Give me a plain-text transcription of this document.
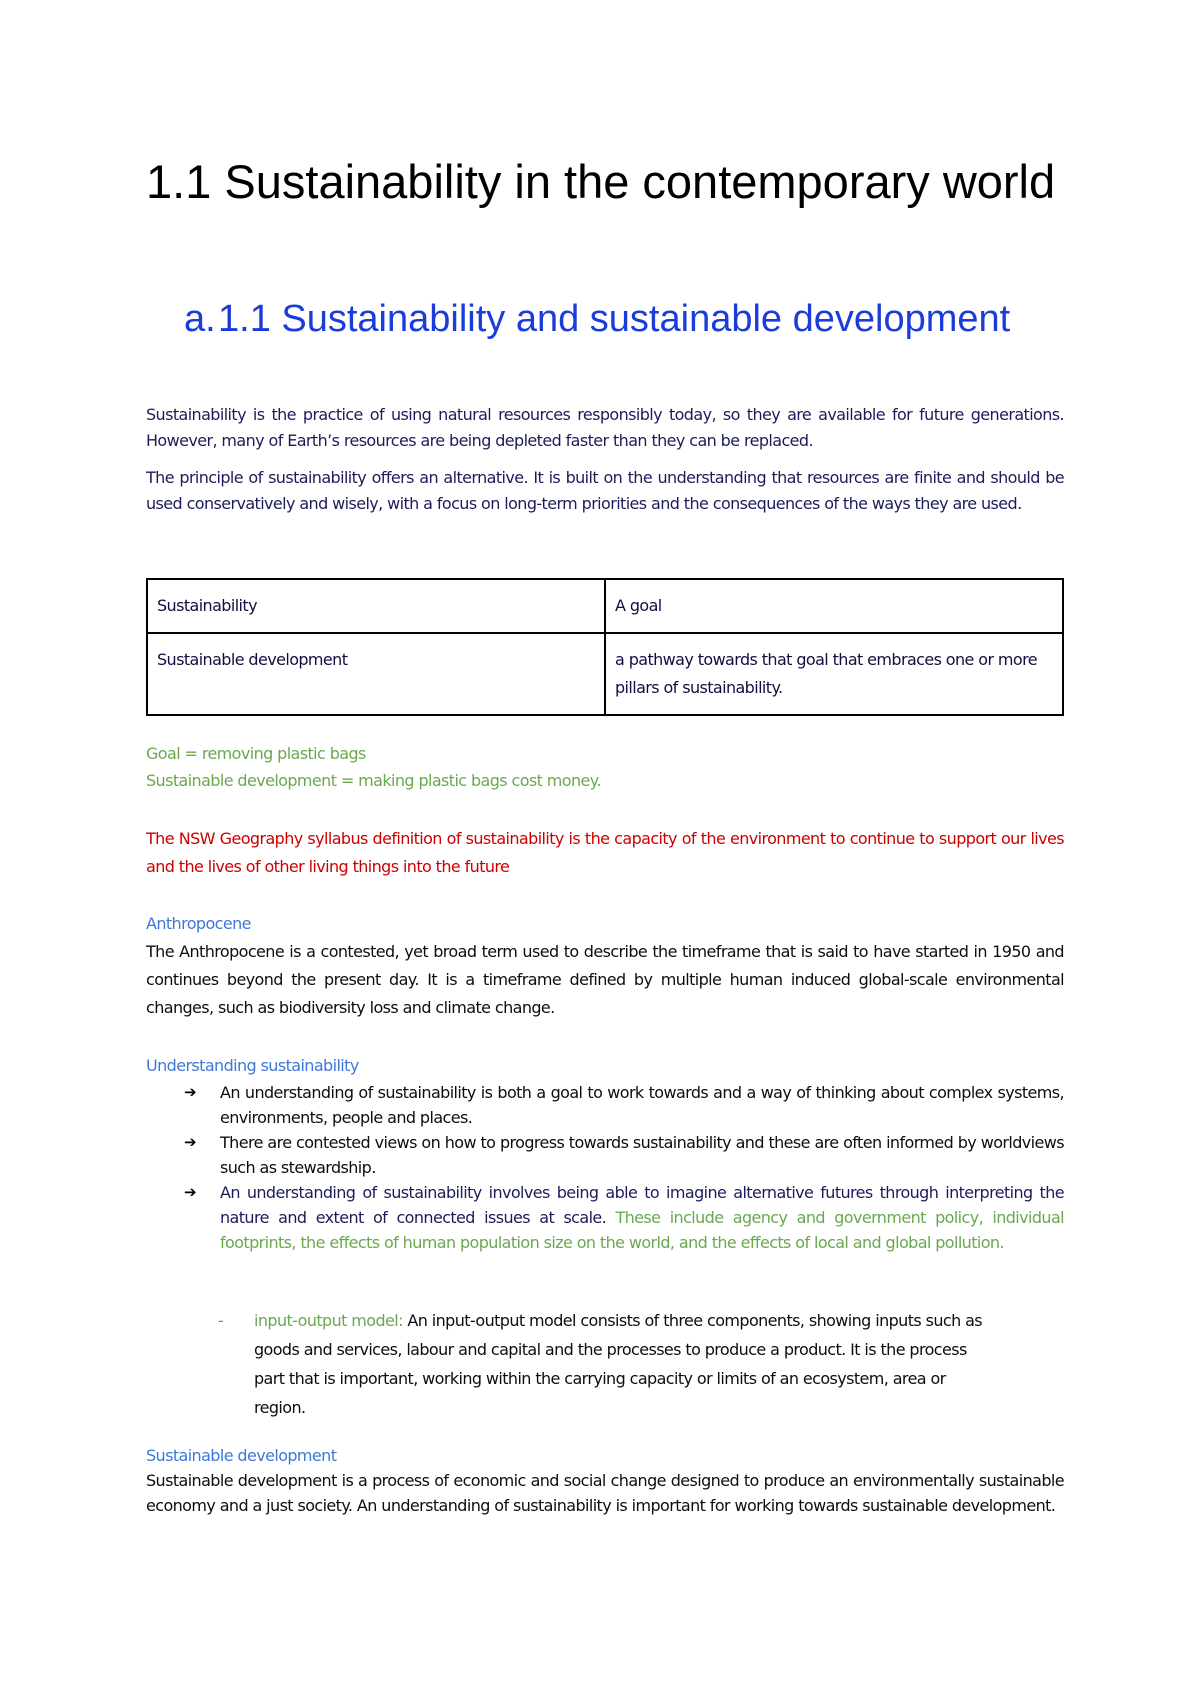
1.1 Sustainability in the contemporary world
a. 1.1 Sustainability and sustainable development

Sustainability is the practice of using natural resources responsibly today, so they are available for future generations. However, many of Earth’s resources are being depleted faster than they can be replaced.

The principle of sustainability offers an alternative. It is built on the understanding that resources are finite and should be used conservatively and wisely, with a focus on long-term priorities and the consequences of the ways they are used.

Sustainability	A goal
Sustainable development	a pathway towards that goal that embraces one or more pillars of sustainability.

Goal = removing plastic bags

Sustainable development = making plastic bags cost money.

The NSW Geography syllabus definition of sustainability is the capacity of the environment to continue to support our lives and the lives of other living things into the future

Anthropocene

The Anthropocene is a contested, yet broad term used to describe the timeframe that is said to have started in 1950 and continues beyond the present day. It is a timeframe defined by multiple human induced global-scale environmental changes, such as biodiversity loss and climate change.

Understanding sustainability

➔ An understanding of sustainability is both a goal to work towards and a way of thinking about complex systems, environments, people and places.
➔ There are contested views on how to progress towards sustainability and these are often informed by worldviews such as stewardship.
➔ An understanding of sustainability involves being able to imagine alternative futures through interpreting the nature and extent of connected issues at scale. These include agency and government policy, individual footprints, the effects of human population size on the world, and the effects of local and global pollution.
- input-output model: An input-output model consists of three components, showing inputs such as goods and services, labour and capital and the processes to produce a product. It is the process part that is important, working within the carrying capacity or limits of an ecosystem, area or region.

Sustainable development

Sustainable development is a process of economic and social change designed to produce an environmentally sustainable economy and a just society. An understanding of sustainability is important for working towards sustainable development.
